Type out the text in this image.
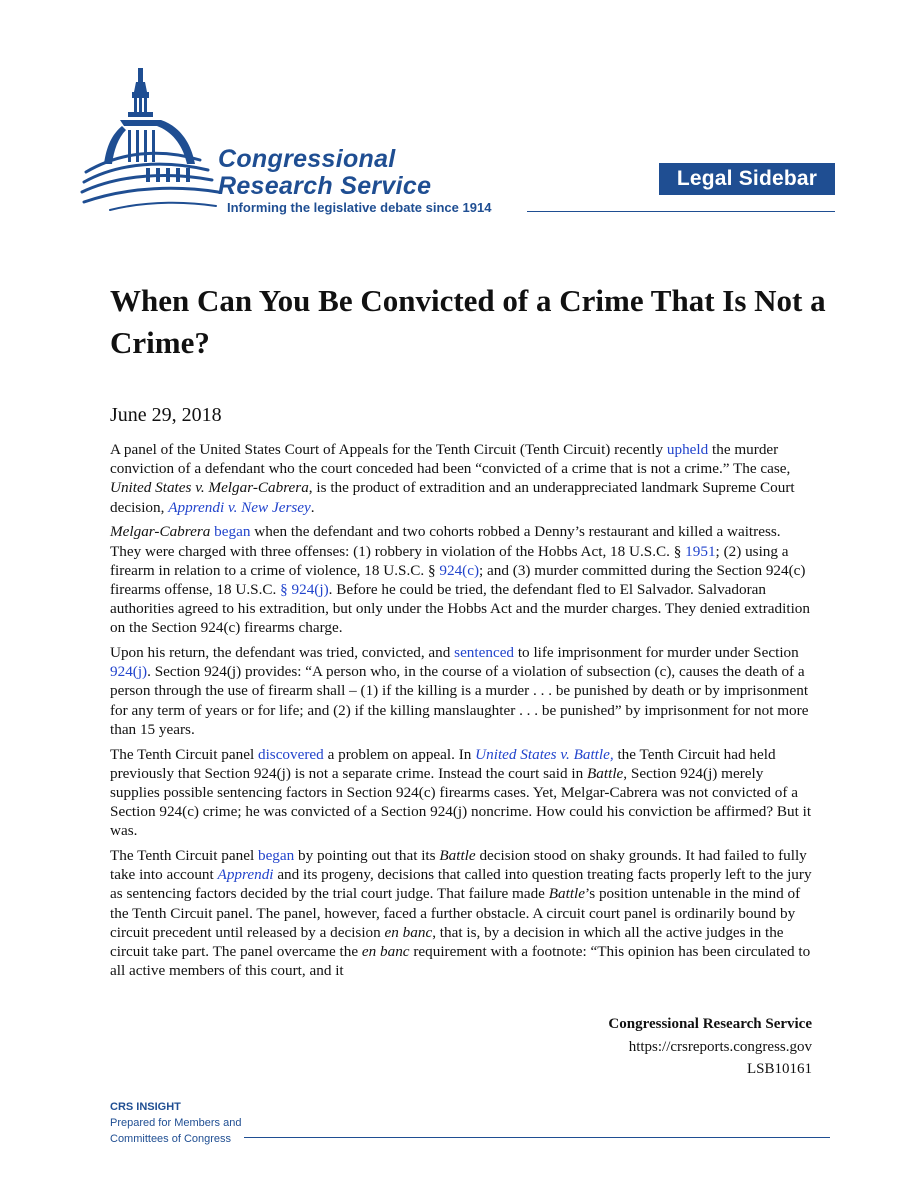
Congressional
Research Service
Informing the legislative debate since 1914
Legal Sidebar
When Can You Be Convicted of a Crime That Is Not a Crime?
June 29, 2018

A panel of the United States Court of Appeals for the Tenth Circuit (Tenth Circuit) recently upheld the murder conviction of a defendant who the court conceded had been “convicted of a crime that is not a crime.” The case, United States v. Melgar-Cabrera, is the product of extradition and an underappreciated landmark Supreme Court decision, Apprendi v. New Jersey.

Melgar-Cabrera began when the defendant and two cohorts robbed a Denny’s restaurant and killed a waitress. They were charged with three offenses: (1) robbery in violation of the Hobbs Act, 18 U.S.C. § 1951; (2) using a firearm in relation to a crime of violence, 18 U.S.C. § 924(c); and (3) murder committed during the Section 924(c) firearms offense, 18 U.S.C. § 924(j). Before he could be tried, the defendant fled to El Salvador. Salvadoran authorities agreed to his extradition, but only under the Hobbs Act and the murder charges. They denied extradition on the Section 924(c) firearms charge.

Upon his return, the defendant was tried, convicted, and sentenced to life imprisonment for murder under Section 924(j). Section 924(j) provides: “A person who, in the course of a violation of subsection (c), causes the death of a person through the use of firearm shall – (1) if the killing is a murder . . . be punished by death or by imprisonment for any term of years or for life; and (2) if the killing manslaughter . . . be punished” by imprisonment for not more than 15 years.

The Tenth Circuit panel discovered a problem on appeal. In United States v. Battle, the Tenth Circuit had held previously that Section 924(j) is not a separate crime. Instead the court said in Battle, Section 924(j) merely supplies possible sentencing factors in Section 924(c) firearms cases. Yet, Melgar-Cabrera was not convicted of a Section 924(c) crime; he was convicted of a Section 924(j) noncrime. How could his conviction be affirmed? But it was.

The Tenth Circuit panel began by pointing out that its Battle decision stood on shaky grounds. It had failed to fully take into account Apprendi and its progeny, decisions that called into question treating facts properly left to the jury as sentencing factors decided by the trial court judge. That failure made Battle’s position untenable in the mind of the Tenth Circuit panel. The panel, however, faced a further obstacle. A circuit court panel is ordinarily bound by circuit precedent until released by a decision en banc, that is, by a decision in which all the active judges in the circuit take part. The panel overcame the en banc requirement with a footnote: “This opinion has been circulated to all active members of this court, and it

Congressional Research Service
https://crsreports.congress.gov
LSB10161
CRS INSIGHT
Prepared for Members and
Committees of Congress
